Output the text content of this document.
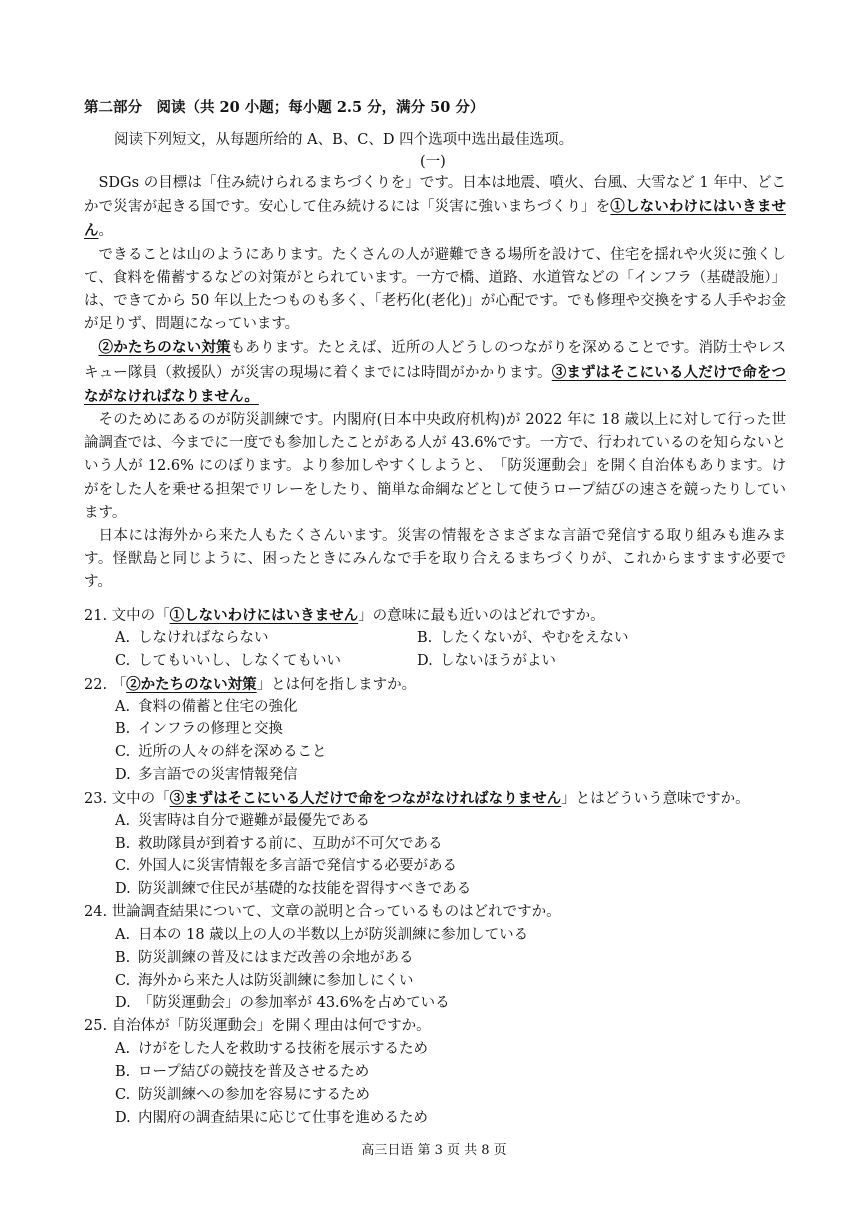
第二部分　阅读（共 20 小题；每小题 2.5 分，满分 50 分）
阅读下列短文，从每题所给的 A、B、C、D 四个选项中选出最佳选项。
(一)

SDGs の目標は「住み続けられるまちづくりを」です。日本は地震、噴火、台風、大雪など 1 年中、どこかで災害が起きる国です。安心して住み続けるには「災害に強いまちづくり」を①しないわけにはいきません。

できることは山のようにあります。たくさんの人が避難できる場所を設けて、住宅を揺れや火災に強くして、食料を備蓄するなどの対策がとられています。一方で橋、道路、水道管などの「インフラ（基礎設施）」は、できてから 50 年以上たつものも多く、「老朽化(老化)」が心配です。でも修理や交換をする人手やお金が足りず、問題になっています。

②かたちのない対策もあります。たとえば、近所の人どうしのつながりを深めることです。消防士やレスキュー隊員（救援队）が災害の現場に着くまでには時間がかかります。③まずはそこにいる人だけで命をつながなければなりません。

そのためにあるのが防災訓練です。内閣府(日本中央政府机构)が 2022 年に 18 歳以上に対して行った世論調査では、今までに一度でも参加したことがある人が 43.6%です。一方で、行われているのを知らないという人が 12.6% にのぼります。より参加しやすくしようと、　「防災運動会」を開く自治体もあります。けがをした人を乗せる担架でリレーをしたり、簡単な命綱などとして使うロープ結びの速さを競ったりしています。

日本には海外から来た人もたくさんいます。災害の情報をさまざまな言語で発信する取り組みも進みます。怪獣島と同じように、困ったときにみんなで手を取り合えるまちづくりが、これからますます必要です。

21. 文中の「①しないわけにはいきません」の意味に最も近いのはどれですか。
A. しなければならない	B. したくないが、やむをえない
C. してもいいし、しなくてもいい	D. しないほうがよい
22. 「②かたちのない対策」とは何を指しますか。
A. 食料の備蓄と住宅の強化
B. インフラの修理と交換
C. 近所の人々の絆を深めること
D. 多言語での災害情報発信
23. 文中の「③まずはそこにいる人だけで命をつながなければなりません」とはどういう意味ですか。
A. 災害時は自分で避難が最優先である
B. 救助隊員が到着する前に、互助が不可欠である
C. 外国人に災害情報を多言語で発信する必要がある
D. 防災訓練で住民が基礎的な技能を習得すべきである
24. 世論調査結果について、文章の説明と合っているものはどれですか。
A. 日本の 18 歳以上の人の半数以上が防災訓練に参加している
B. 防災訓練の普及にはまだ改善の余地がある
C. 海外から来た人は防災訓練に参加しにくい
D. 「防災運動会」の参加率が 43.6%を占めている
25. 自治体が「防災運動会」を開く理由は何ですか。
A. けがをした人を救助する技術を展示するため
B. ロープ結びの競技を普及させるため
C. 防災訓練への参加を容易にするため
D. 内閣府の調査結果に応じて仕事を進めるため
高三日语 第 3 页 共 8 页
